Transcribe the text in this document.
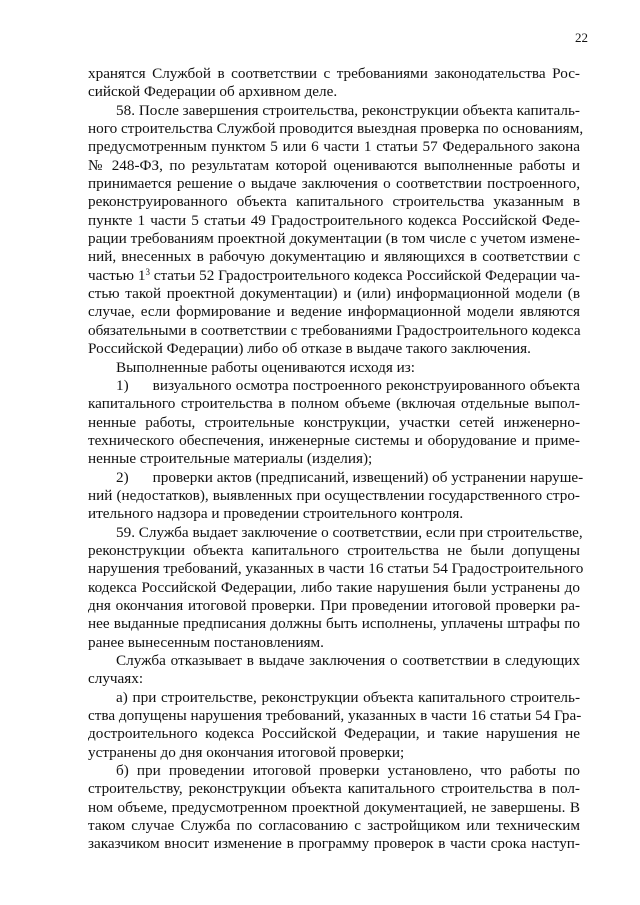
22
хранятся Службой в соответствии с требованиями законодательства Рос-
сийской Федерации об архивном деле.
58. После завершения строительства, реконструкции объекта капиталь-
ного строительства Службой проводится выездная проверка по основаниям,
предусмотренным пунктом 5 или 6 части 1 статьи 57 Федерального закона
№ 248-ФЗ, по результатам которой оцениваются выполненные работы и
принимается решение о выдаче заключения о соответствии построенного,
реконструированного объекта капитального строительства указанным в
пункте 1 части 5 статьи 49 Градостроительного кодекса Российской Феде-
рации требованиям проектной документации (в том числе с учетом измене-
ний, внесенных в рабочую документацию и являющихся в соответствии с
частью $1^3$ статьи 52 Градостроительного кодекса Российской Федерации ча-
стью такой проектной документации) и (или) информационной модели (в
случае, если формирование и ведение информационной модели являются
обязательными в соответствии с требованиями Градостроительного кодекса
Российской Федерации) либо об отказе в выдаче такого заключения.
Выполненные работы оцениваются исходя из:
1) визуального осмотра построенного реконструированного объекта
капитального строительства в полном объеме (включая отдельные выпол-
ненные работы, строительные конструкции, участки сетей инженерно-
технического обеспечения, инженерные системы и оборудование и приме-
ненные строительные материалы (изделия);
2) проверки актов (предписаний, извещений) об устранении наруше-
ний (недостатков), выявленных при осуществлении государственного стро-
ительного надзора и проведении строительного контроля.
59. Служба выдает заключение о соответствии, если при строительстве,
реконструкции объекта капитального строительства не были допущены
нарушения требований, указанных в части 16 статьи 54 Градостроительного
кодекса Российской Федерации, либо такие нарушения были устранены до
дня окончания итоговой проверки. При проведении итоговой проверки ра-
нее выданные предписания должны быть исполнены, уплачены штрафы по
ранее вынесенным постановлениям.
Служба отказывает в выдаче заключения о соответствии в следующих
случаях:
а) при строительстве, реконструкции объекта капитального строитель-
ства допущены нарушения требований, указанных в части 16 статьи 54 Гра-
достроительного кодекса Российской Федерации, и такие нарушения не
устранены до дня окончания итоговой проверки;
б) при проведении итоговой проверки установлено, что работы по
строительству, реконструкции объекта капитального строительства в пол-
ном объеме, предусмотренном проектной документацией, не завершены. В
таком случае Служба по согласованию с застройщиком или техническим
заказчиком вносит изменение в программу проверок в части срока наступ-
